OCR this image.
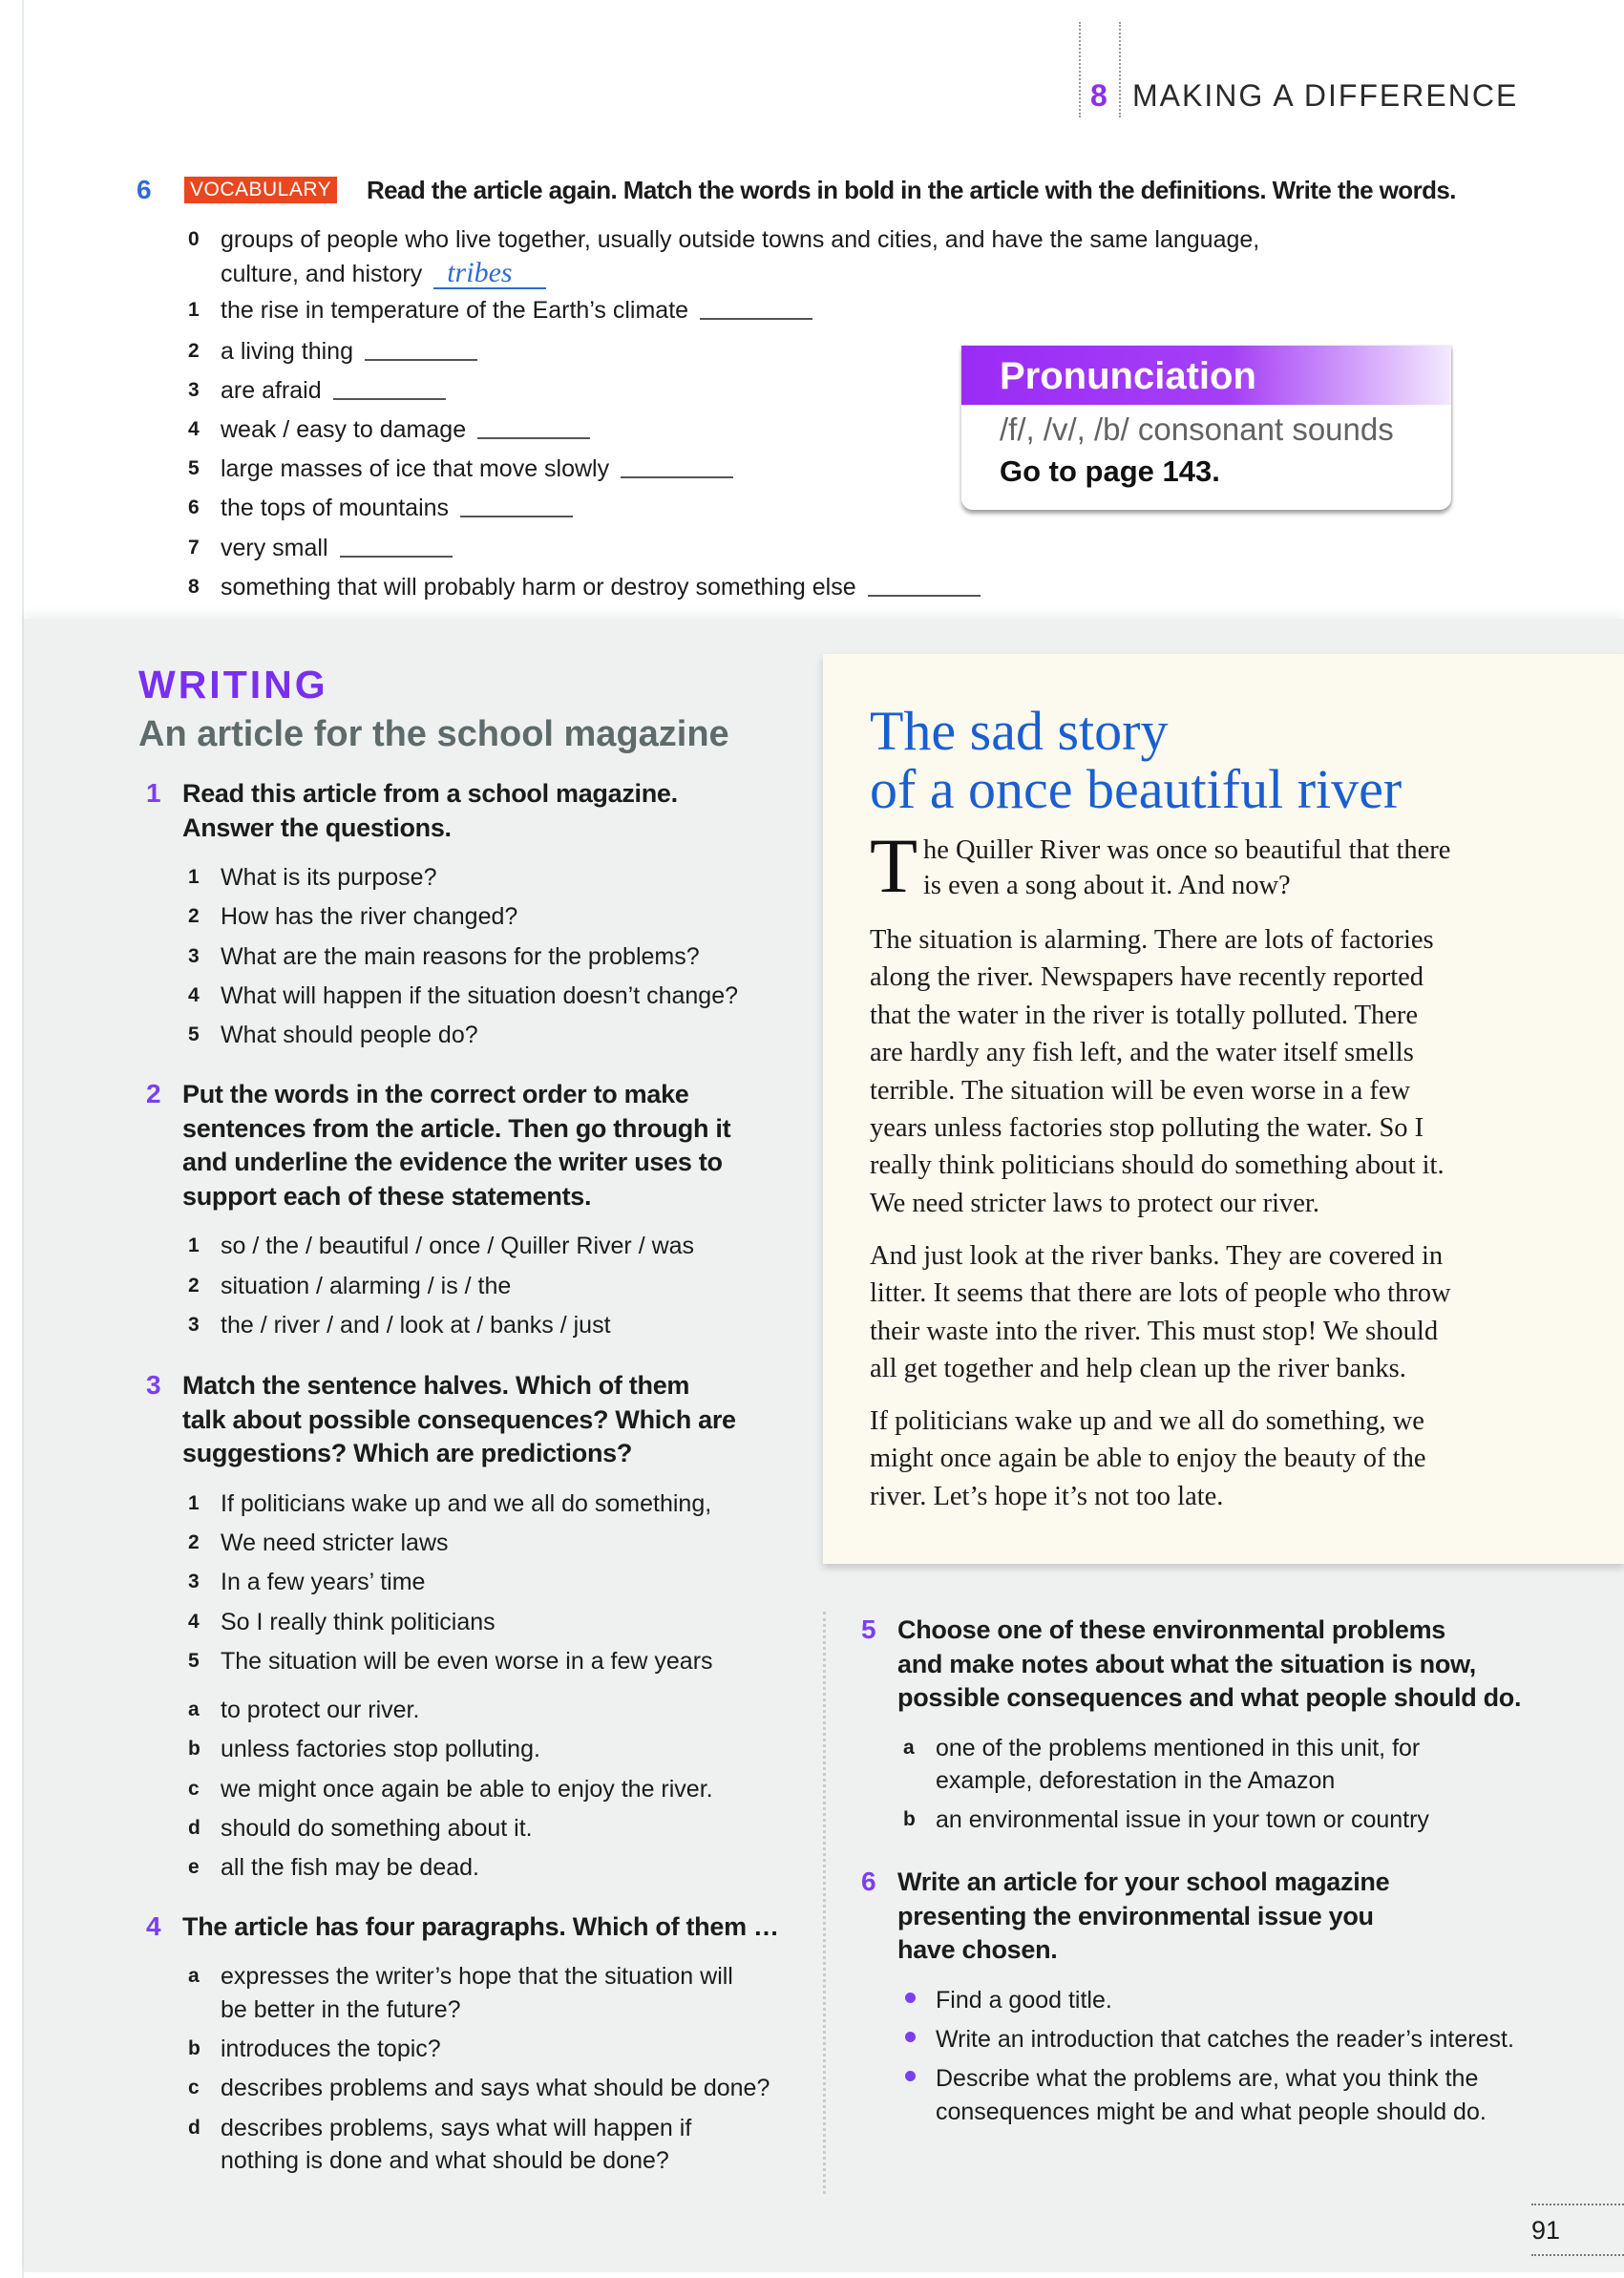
8 MAKING A DIFFERENCE
6 VOCABULARY Read the article again. Match the words in bold in the article with the definitions. Write the words.
0 groups of people who live together, usually outside towns and cities, and have the same language,
culture, and history tribes
1 the rise in temperature of the Earth’s climate
2 a living thing
3 are afraid
4 weak / easy to damage
5 large masses of ice that move slowly
6 the tops of mountains
7 very small
8 something that will probably harm or destroy something else
Pronunciation
/f/, /v/, /b/ consonant sounds
Go to page 143.
WRITING
An article for the school magazine	The sad story
of a once beautiful river
T he Quiller River was once so beautiful that there
is even a song about it. And now?
The situation is alarming. There are lots of factories
along the river. Newspapers have recently reported
that the water in the river is totally polluted. There
are hardly any fish left, and the water itself smells
terrible. The situation will be even worse in a few
years unless factories stop polluting the water. So I
really think politicians should do something about it.
We need stricter laws to protect our river.
And just look at the river banks. They are covered in
litter. It seems that there are lots of people who throw
their waste into the river. This must stop! We should
all get together and help clean up the river banks.
If politicians wake up and we all do something, we
might once again be able to enjoy the beauty of the
river. Let’s hope it’s not too late.
1 Read this article from a school magazine.
Answer the questions.
1 What is its purpose?
2 How has the river changed?
3 What are the main reasons for the problems?
4 What will happen if the situation doesn’t change?
5 What should people do?
2 Put the words in the correct order to make
sentences from the article. Then go through it
and underline the evidence the writer uses to
support each of these statements.
1 so / the / beautiful / once / Quiller River / was
2 situation / alarming / is / the
3 the / river / and / look at / banks / just
3 Match the sentence halves. Which of them
talk about possible consequences? Which are
suggestions? Which are predictions?
1 If politicians wake up and we all do something,
2 We need stricter laws
3 In a few years’ time
4 So I really think politicians
5 The situation will be even worse in a few years
a to protect our river.
b unless factories stop polluting.
c we might once again be able to enjoy the river.
d should do something about it.
e all the fish may be dead.
4 The article has four paragraphs. Which of them …
a expresses the writer’s hope that the situation will
be better in the future?
b introduces the topic?
c describes problems and says what should be done?
d describes problems, says what will happen if
nothing is done and what should be done?
5 Choose one of these environmental problems
and make notes about what the situation is now,
possible consequences and what people should do.
a one of the problems mentioned in this unit, for
example, deforestation in the Amazon
b an environmental issue in your town or country
6 Write an article for your school magazine
presenting the environmental issue you
have chosen.
Find a good title.
Write an introduction that catches the reader’s interest.
Describe what the problems are, what you think the
consequences might be and what people should do.
91
